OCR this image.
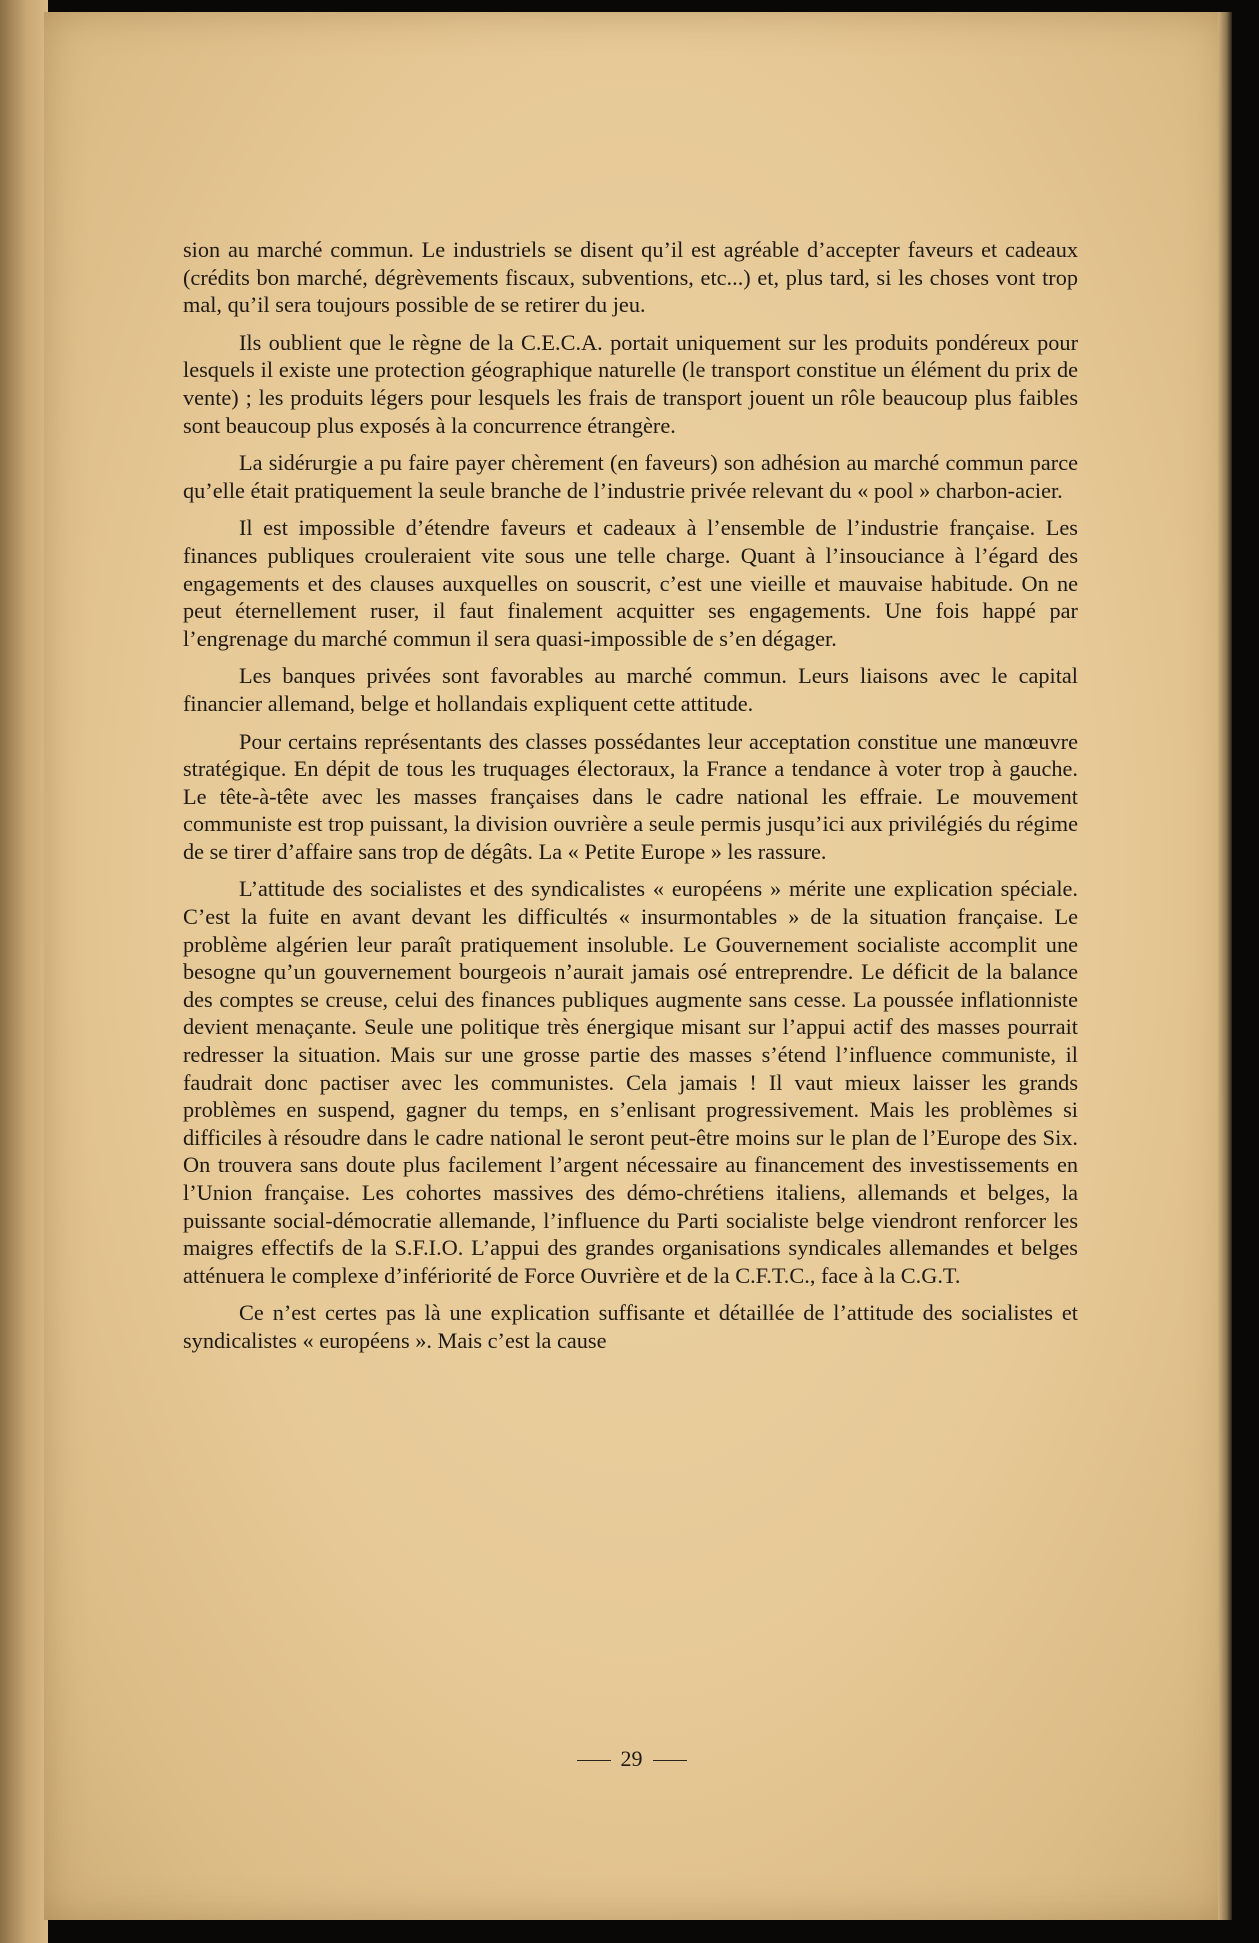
sion au marché commun. Le industriels se disent qu’il est agréable d’accepter faveurs et cadeaux (crédits bon marché, dégrèvements fiscaux, subventions, etc...) et, plus tard, si les choses vont trop mal, qu’il sera toujours possible de se retirer du jeu.

Ils oublient que le règne de la C.E.C.A. portait uniquement sur les produits pondéreux pour lesquels il existe une protection géographique naturelle (le transport constitue un élément du prix de vente) ; les produits légers pour lesquels les frais de transport jouent un rôle beaucoup plus faibles sont beaucoup plus exposés à la concurrence étrangère.

La sidérurgie a pu faire payer chèrement (en faveurs) son adhésion au marché commun parce qu’elle était pratiquement la seule branche de l’industrie privée relevant du « pool » charbon-acier.

Il est impossible d’étendre faveurs et cadeaux à l’ensemble de l’industrie française. Les finances publiques crouleraient vite sous une telle charge. Quant à l’insouciance à l’égard des engagements et des clauses auxquelles on souscrit, c’est une vieille et mauvaise habitude. On ne peut éternellement ruser, il faut finalement acquitter ses engagements. Une fois happé par l’engrenage du marché commun il sera quasi-impossible de s’en dégager.

Les banques privées sont favorables au marché commun. Leurs liaisons avec le capital financier allemand, belge et hollandais expliquent cette attitude.

Pour certains représentants des classes possédantes leur acceptation constitue une manœuvre stratégique. En dépit de tous les truquages électoraux, la France a tendance à voter trop à gauche. Le tête-à-tête avec les masses françaises dans le cadre national les effraie. Le mouvement communiste est trop puissant, la division ouvrière a seule permis jusqu’ici aux privilégiés du régime de se tirer d’affaire sans trop de dégâts. La « Petite Europe » les rassure.

L’attitude des socialistes et des syndicalistes « européens » mérite une explication spéciale. C’est la fuite en avant devant les difficultés « insurmontables » de la situation française. Le problème algérien leur paraît pratiquement insoluble. Le Gouvernement socialiste accomplit une besogne qu’un gouvernement bourgeois n’aurait jamais osé entreprendre. Le déficit de la balance des comptes se creuse, celui des finances publiques augmente sans cesse. La poussée inflationniste devient menaçante. Seule une politique très énergique misant sur l’appui actif des masses pourrait redresser la situation. Mais sur une grosse partie des masses s’étend l’influence communiste, il faudrait donc pactiser avec les communistes. Cela jamais ! Il vaut mieux laisser les grands problèmes en suspend, gagner du temps, en s’enlisant progressivement. Mais les problèmes si difficiles à résoudre dans le cadre national le seront peut-être moins sur le plan de l’Europe des Six. On trouvera sans doute plus facilement l’argent nécessaire au financement des investissements en l’Union française. Les cohortes massives des démo-chrétiens italiens, allemands et belges, la puissante social-démocratie allemande, l’influence du Parti socialiste belge viendront renforcer les maigres effectifs de la S.F.I.O. L’appui des grandes organisations syndicales allemandes et belges atténuera le complexe d’infériorité de Force Ouvrière et de la C.F.T.C., face à la C.G.T.

Ce n’est certes pas là une explication suffisante et détaillée de l’attitude des socialistes et syndicalistes « européens ». Mais c’est la cause

29
